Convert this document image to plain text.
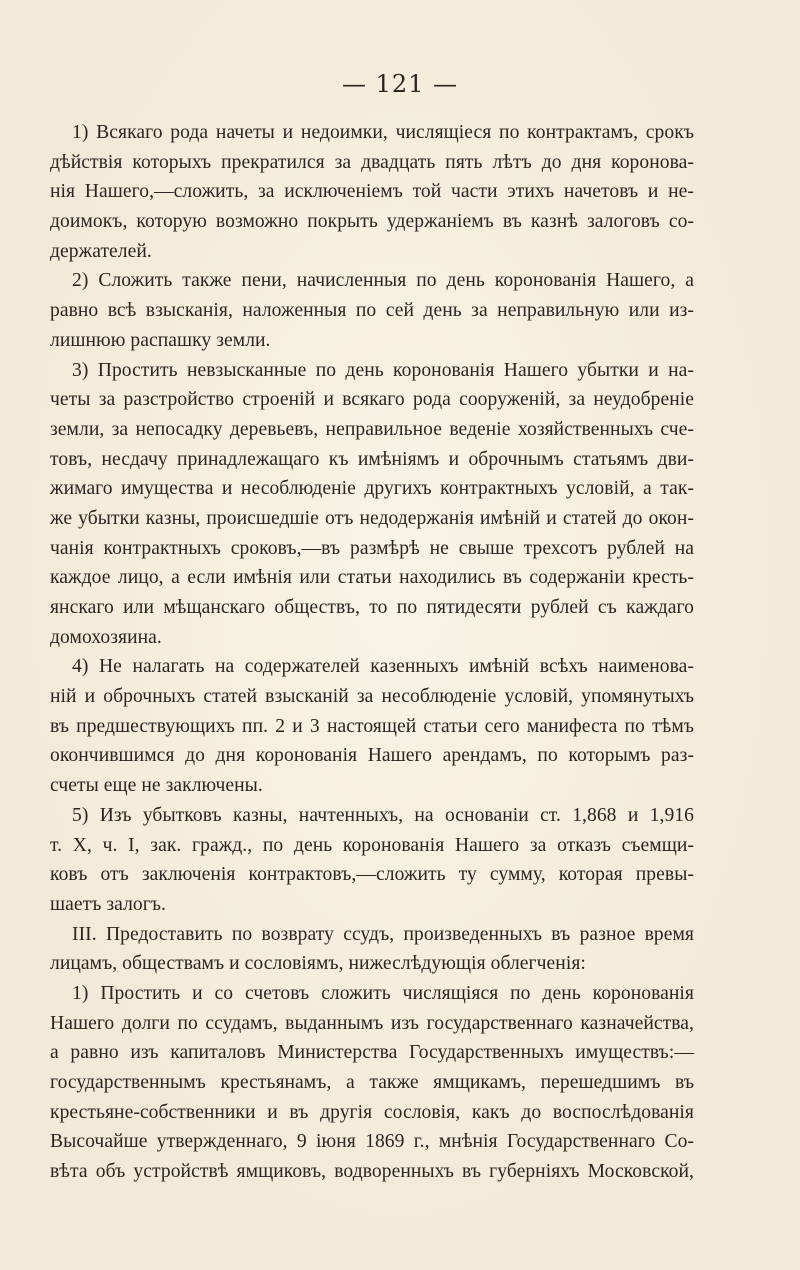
— 121 —
1) Всякаго рода начеты и недоимки, числящіеся по контрактамъ, срокъ
дѣйствія которыхъ прекратился за двадцать пять лѣтъ до дня коронова-
нія Нашего,—сложить, за исключеніемъ той части этихъ начетовъ и не-
доимокъ, которую возможно покрыть удержаніемъ въ казнѣ залоговъ со-
держателей.
2) Сложить также пени, начисленныя по день коронованія Нашего, а
равно всѣ взысканія, наложенныя по сей день за неправильную или из-
лишнюю распашку земли.
3) Простить невзысканные по день коронованія Нашего убытки и на-
четы за разстройство строеній и всякаго рода сооруженій, за неудобреніе
земли, за непосадку деревьевъ, неправильное веденіе хозяйственныхъ сче-
товъ, несдачу принадлежащаго къ имѣніямъ и оброчнымъ статьямъ дви-
жимаго имущества и несоблюденіе другихъ контрактныхъ условій, а так-
же убытки казны, происшедшіе отъ недодержанія имѣній и статей до окон-
чанія контрактныхъ сроковъ,—въ размѣрѣ не свыше трехсотъ рублей на
каждое лицо, а если имѣнія или статьи находились въ содержаніи кресть-
янскаго или мѣщанскаго обществъ, то по пятидесяти рублей съ каждаго
домохозяина.
4) Не налагать на содержателей казенныхъ имѣній всѣхъ наименова-
ній и оброчныхъ статей взысканій за несоблюденіе условій, упомянутыхъ
въ предшествующихъ пп. 2 и 3 настоящей статьи сего манифеста по тѣмъ
окончившимся до дня коронованія Нашего арендамъ, по которымъ раз-
счеты еще не заключены.
5) Изъ убытковъ казны, начтенныхъ, на основаніи ст. 1,868 и 1,916
т. X, ч. I, зак. гражд., по день коронованія Нашего за отказъ съемщи-
ковъ отъ заключенія контрактовъ,—сложить ту сумму, которая превы-
шаетъ залогъ.
III. Предоставить по возврату ссудъ, произведенныхъ въ разное время
лицамъ, обществамъ и сословіямъ, нижеслѣдующія облегченія:
1) Простить и со счетовъ сложить числящіяся по день коронованія
Нашего долги по ссудамъ, выданнымъ изъ государственнаго казначейства,
а равно изъ капиталовъ Министерства Государственныхъ имуществъ:—
государственнымъ крестьянамъ, а также ямщикамъ, перешедшимъ въ
крестьяне-собственники и въ другія сословія, какъ до воспослѣдованія
Высочайше утвержденнаго, 9 іюня 1869 г., мнѣнія Государственнаго Со-
вѣта объ устройствѣ ямщиковъ, водворенныхъ въ губерніяхъ Московской,
